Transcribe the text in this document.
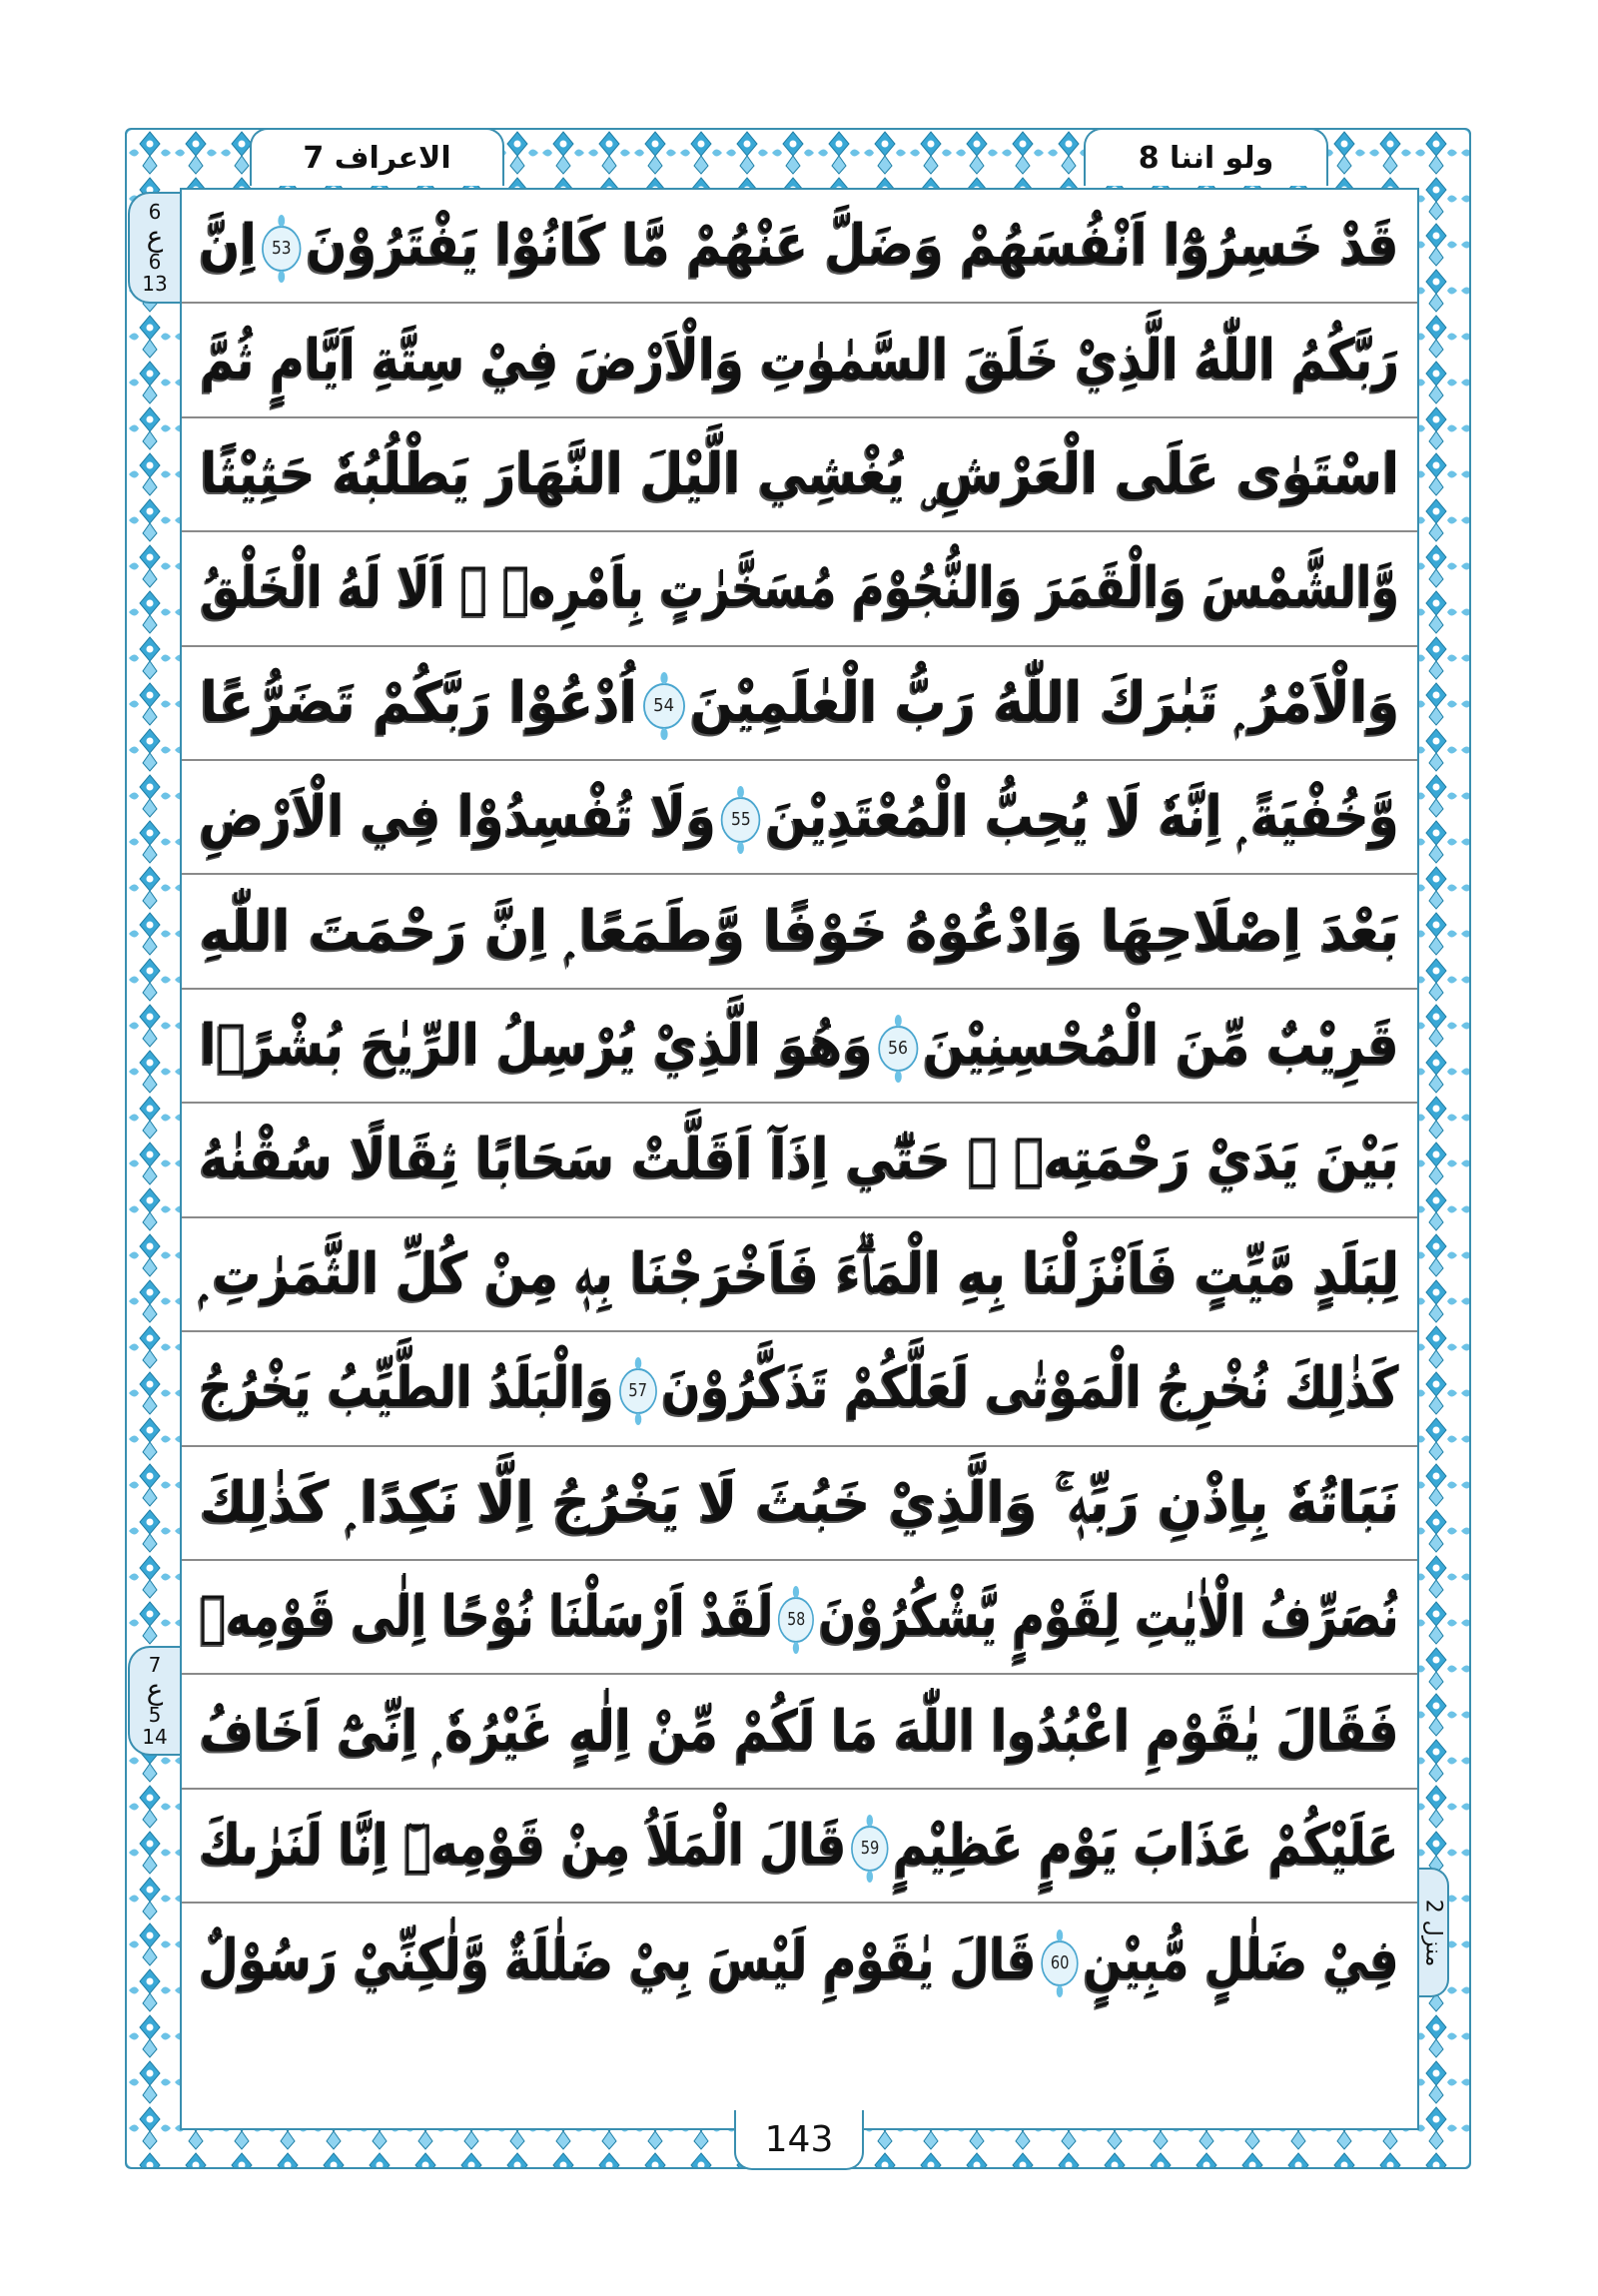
الاعراف 7	ولو اننا 8
6
ع
6
13
7
ع
5
14
منزل 2
قَدْ خَسِرُوْٓا اَنْفُسَهُمْ وَضَلَّ عَنْهُمْ مَّا كَانُوْا يَفْتَرُوْنَ53اِنَّ
رَبَّكُمُ اللّٰهُ الَّذِيْ خَلَقَ السَّمٰوٰتِ وَالْاَرْضَ فِيْ سِتَّةِ اَيَّامٍ ثُمَّ
اسْتَوٰى عَلَى الْعَرْشِ ۣ يُغْشِي الَّيْلَ النَّهَارَ يَطْلُبُهٗ حَثِيْثًا
وَّالشَّمْسَ وَالْقَمَرَ وَالنُّجُوْمَ مُسَخَّرٰتٍ بِاَمْرِهٖ ۭ اَلَا لَهُ الْخَلْقُ
وَالْاَمْرُ ۭ تَبٰرَكَ اللّٰهُ رَبُّ الْعٰلَمِيْنَ54اُدْعُوْا رَبَّكُمْ تَضَرُّعًا
وَّخُفْيَةً ۭ اِنَّهٗ لَا يُحِبُّ الْمُعْتَدِيْنَ55وَلَا تُفْسِدُوْا فِي الْاَرْضِ
بَعْدَ اِصْلَاحِهَا وَادْعُوْهُ خَوْفًا وَّطَمَعًا ۭ اِنَّ رَحْمَتَ اللّٰهِ
قَرِيْبٌ مِّنَ الْمُحْسِنِيْنَ56وَهُوَ الَّذِيْ يُرْسِلُ الرِّيٰحَ بُشْرًۢا
بَيْنَ يَدَيْ رَحْمَتِهٖ ۭ حَتّٰٓي اِذَآ اَقَلَّتْ سَحَابًا ثِقَالًا سُقْنٰهُ
لِبَلَدٍ مَّيِّتٍ فَاَنْزَلْنَا بِهِ الْمَاۗءَ فَاَخْرَجْنَا بِهٖ مِنْ كُلِّ الثَّمَرٰتِ ۭ
كَذٰلِكَ نُخْرِجُ الْمَوْتٰى لَعَلَّكُمْ تَذَكَّرُوْنَ57وَالْبَلَدُ الطَّيِّبُ يَخْرُجُ
نَبَاتُهٗ بِاِذْنِ رَبِّهٖ ۚ وَالَّذِيْ خَبُثَ لَا يَخْرُجُ اِلَّا نَكِدًا ۭ كَذٰلِكَ
نُصَرِّفُ الْاٰيٰتِ لِقَوْمٍ يَّشْكُرُوْنَ58لَقَدْ اَرْسَلْنَا نُوْحًا اِلٰى قَوْمِهٖ
فَقَالَ يٰقَوْمِ اعْبُدُوا اللّٰهَ مَا لَكُمْ مِّنْ اِلٰهٍ غَيْرُهٗ ۭ اِنِّىْٓ اَخَافُ
عَلَيْكُمْ عَذَابَ يَوْمٍ عَظِيْمٍ59قَالَ الْمَلَاُ مِنْ قَوْمِهٖٓ اِنَّا لَنَرٰىكَ
فِيْ ضَلٰلٍ مُّبِيْنٍ60قَالَ يٰقَوْمِ لَيْسَ بِيْ ضَلٰلَةٌ وَّلٰكِنِّيْ رَسُوْلٌ
143
